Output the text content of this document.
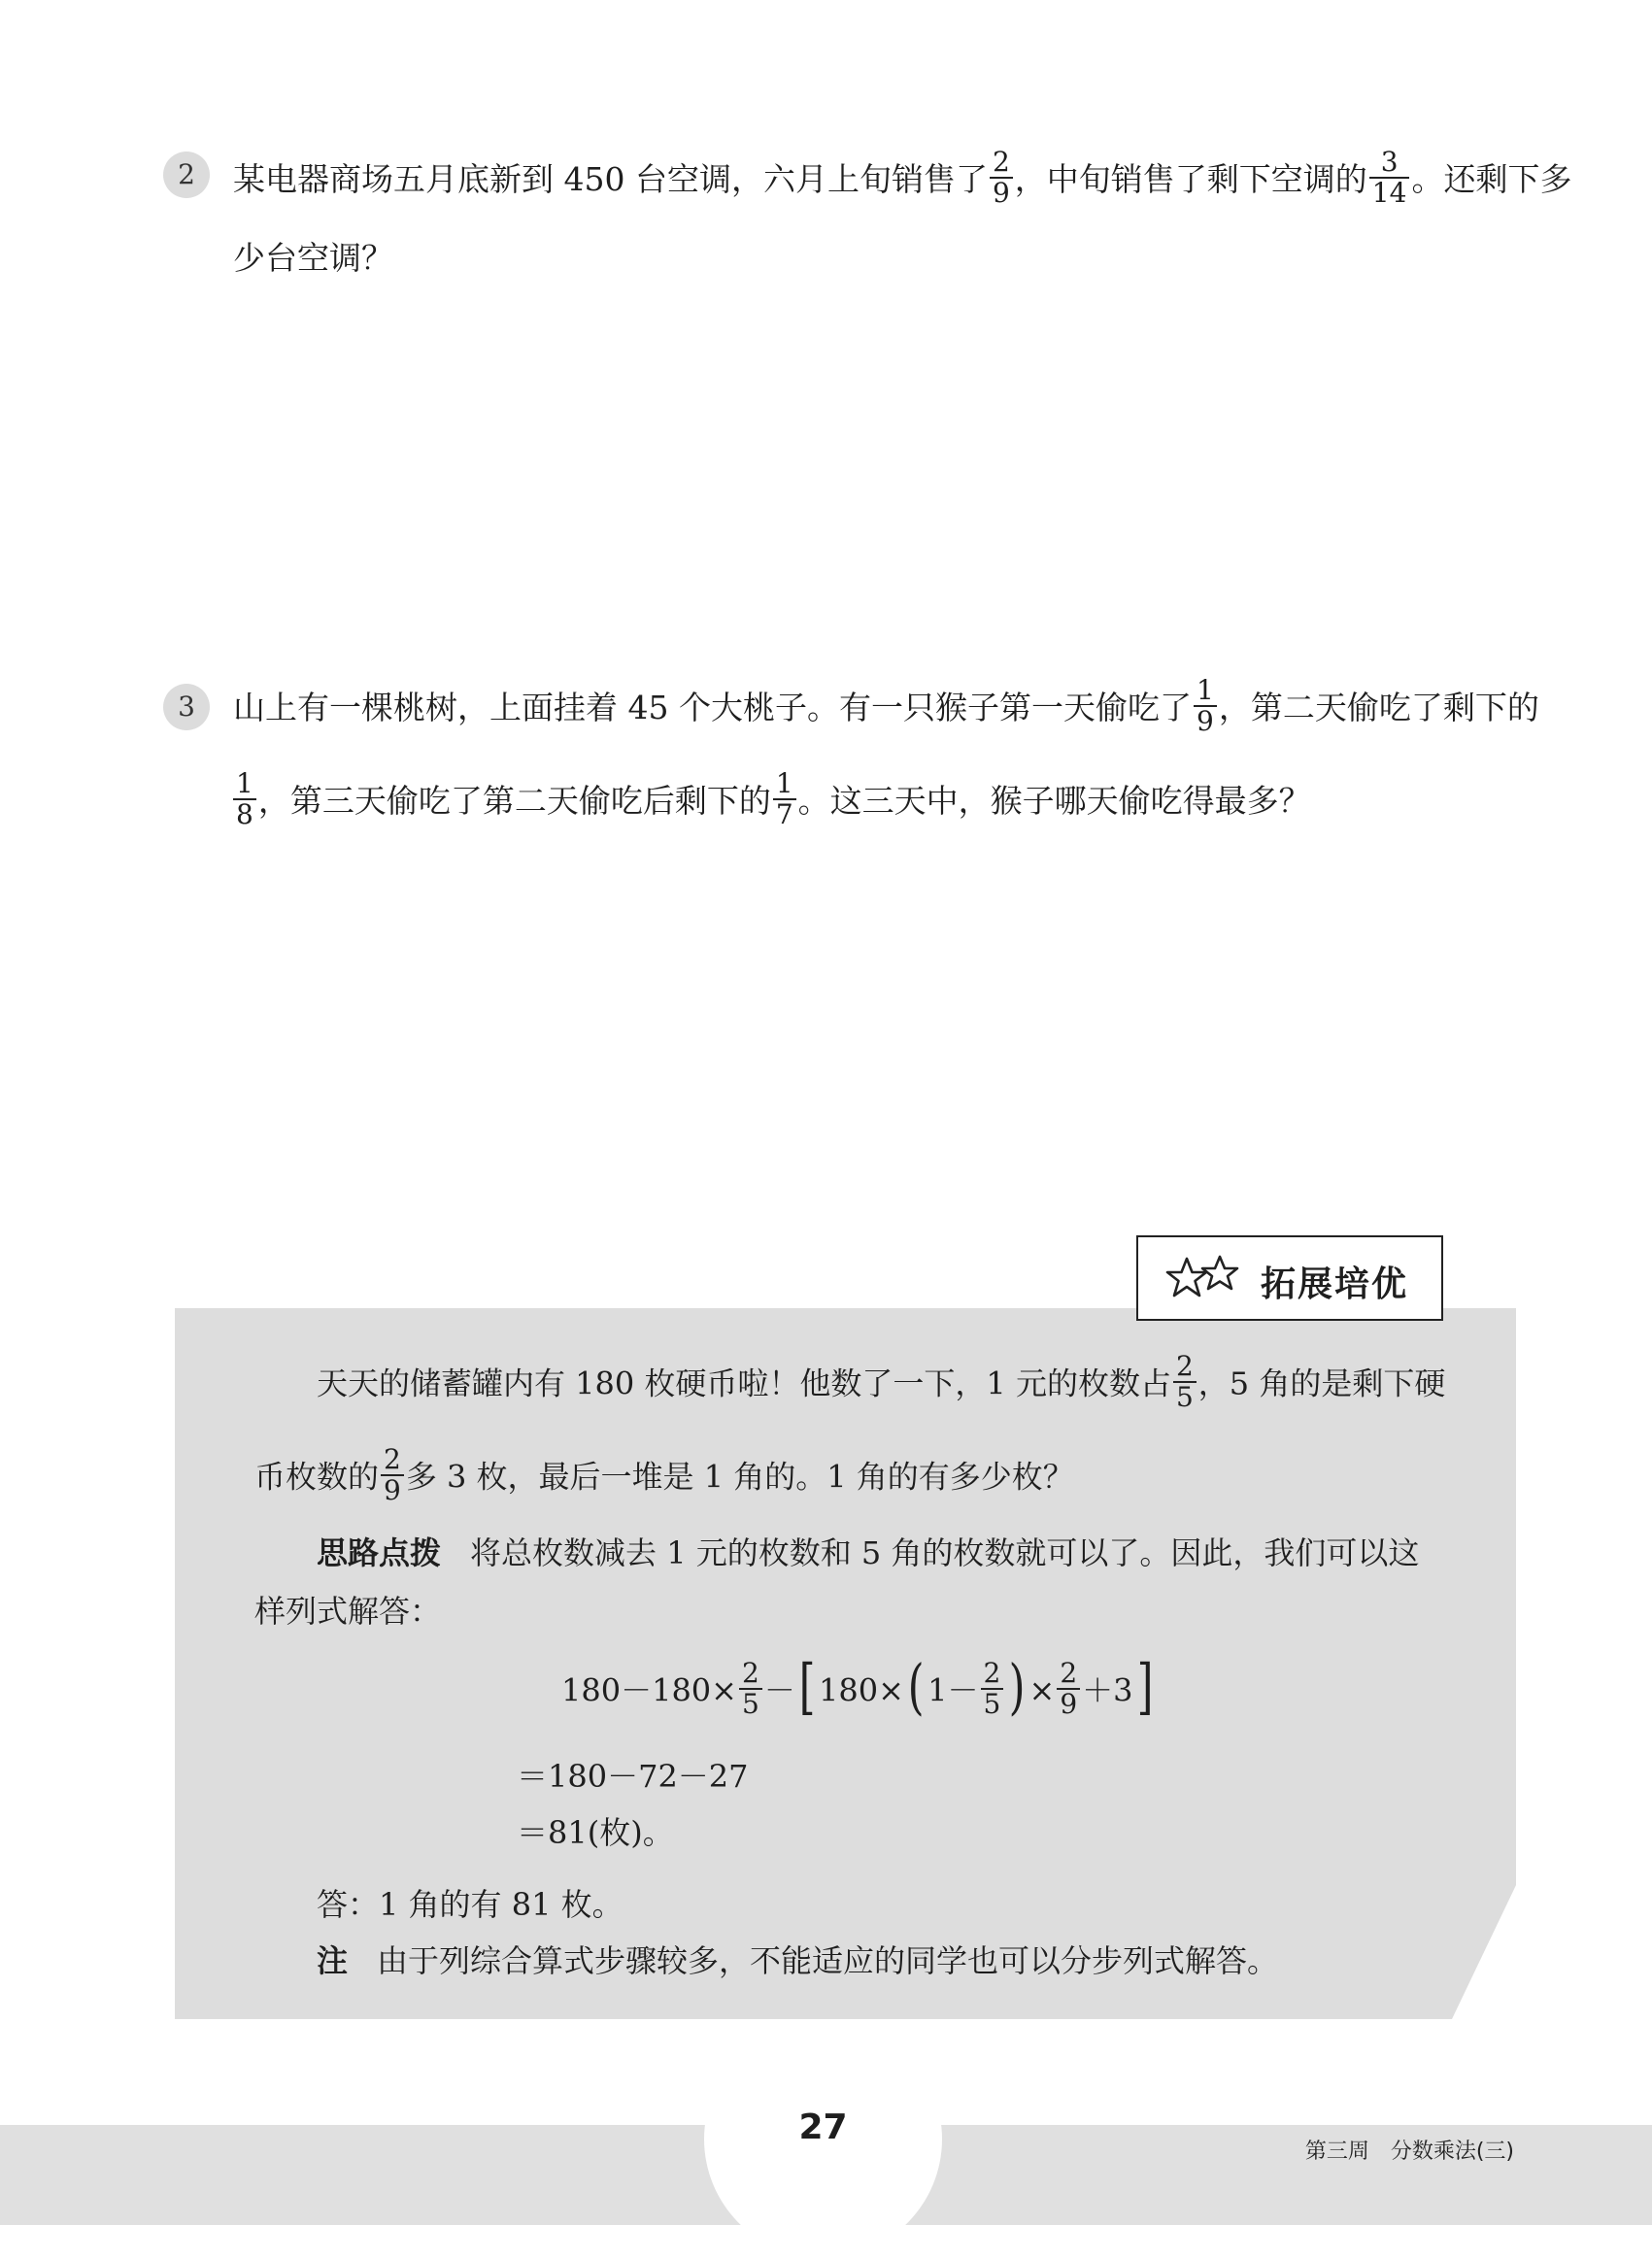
2	某电器商场五月底新到 450 台空调，六月上旬销售了 $\frac{2}{9}$ ，中旬销售了剩下空调的 $\frac{3}{14}$ 。还剩下多
少台空调？
3	山上有一棵桃树，上面挂着 45 个大桃子。有一只猴子第一天偷吃了 $\frac{1}{9}$ ，第二天偷吃了剩下的
$\frac{1}{8}$ ，第三天偷吃了第二天偷吃后剩下的 $\frac{1}{7}$ 。这三天中，猴子哪天偷吃得最多？
拓展培优
天天的储蓄罐内有 180 枚硬币啦！他数了一下，1 元的枚数占 $\frac{2}{5}$ ，5 角的是剩下硬
币枚数的 $\frac{2}{9}$ 多 3 枚，最后一堆是 1 角的。1 角的有多少枚？
思路点拨 将总枚数减去 1 元的枚数和 5 角的枚数就可以了。因此，我们可以这
样列式解答：
$180-180\times \frac{2}{5}$ －[ 180×( $1- \frac{2}{5}$ ) × $\frac{2}{9} +3$]
＝180－72－27
＝81(枚)。
答：1 角的有 81 枚。
注 由于列综合算式步骤较多，不能适应的同学也可以分步列式解答。
27
第三周　分数乘法(三)
